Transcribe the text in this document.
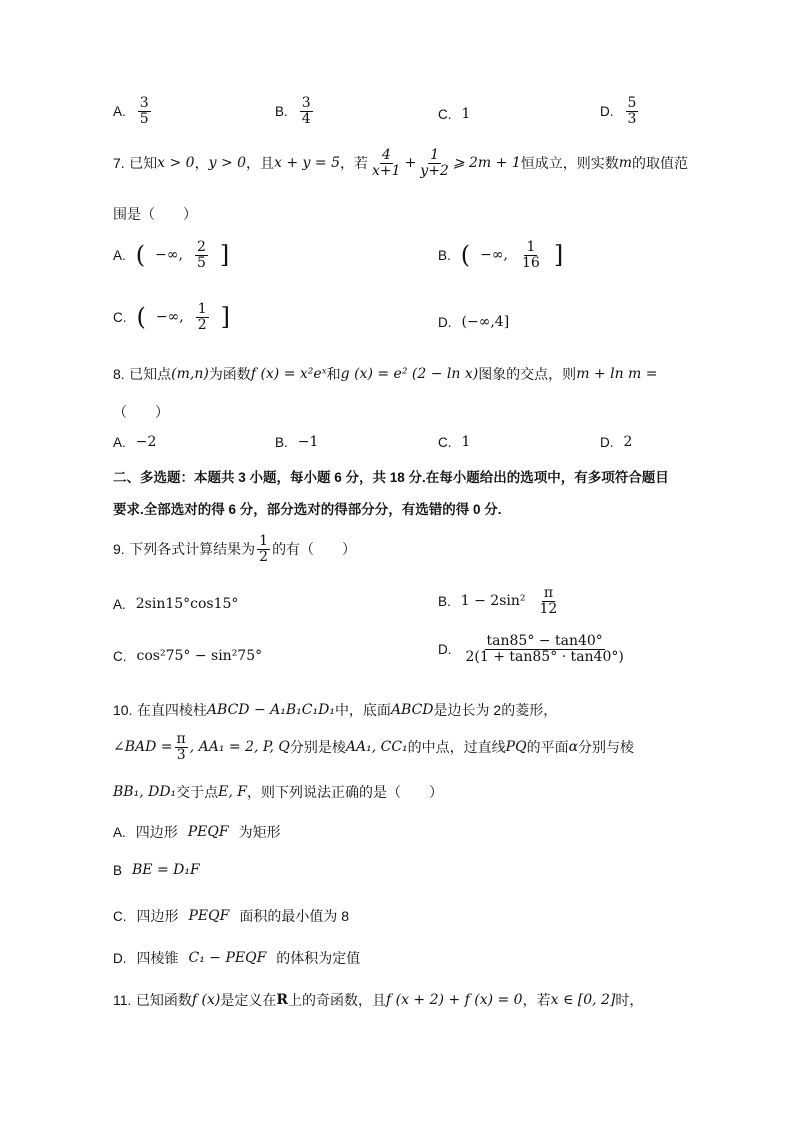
A. $\frac{3}{5}$	B. $\frac{3}{4}$	C. 1	D. $\frac{5}{3}$
7.
已知 x > 0 ， y > 0 ，且 x + y = 5 ，若 $\frac{4}{x+1} + \frac{1}{y+2}$ ⩾ 2m + 1 恒成立，则实数 m 的取值范
围是（　　）
A. ( −∞, $\frac{2}{5}$ ]	B. ( −∞, $\frac{1}{16}$ ]
C. ( −∞, $\frac{1}{2}$ ]	D. (−∞,4]
8.
已知点 (m,n) 为函数 f (x) = x²eˣ 和 g (x) = e² (2 − ln x) 图象的交点，则 m + ln m =
（　　）
A. −2	B. −1	C. 1	D. 2
二、多选题：本题共 3 小题，每小题 6 分，共 18 分.在每小题给出的选项中，有多项符合题目
要求.全部选对的得 6 分，部分选对的得部分分，有选错的得 0 分.
9.
下列各式计算结果为 $\frac{1}{2}$ 的有（　　）
A. 2sin15°cos15°	B. $1 - 2\sin^2 \frac{\pi}{12}$
C. cos²75° − sin²75°	D. $\frac{\tan 85^\circ - \tan 40^\circ}{2(1 + \tan 85^\circ \cdot \tan 40^\circ)}$
10.
在直四棱柱 ABCD − A₁B₁C₁D₁ 中，底面 ABCD 是边长为 2的菱形，
∠BAD = $\frac{\pi}{3}$ , AA₁ = 2, P, Q 分别是棱 AA₁, CC₁ 的中点，过直线 PQ 的平面 α 分别与棱
BB₁, DD₁ 交于点 E, F ，则下列说法正确的是（　　）
A. 四边形 PEQF 为矩形
B BE = D₁F
C. 四边形 PEQF 面积的最小值为 8
D. 四棱锥 C₁ − PEQF 的体积为定值
11.
已知函数 f (x) 是定义在 R 上的奇函数，且 f (x + 2) + f (x) = 0 ，若 x ∈ [0, 2] 时，
